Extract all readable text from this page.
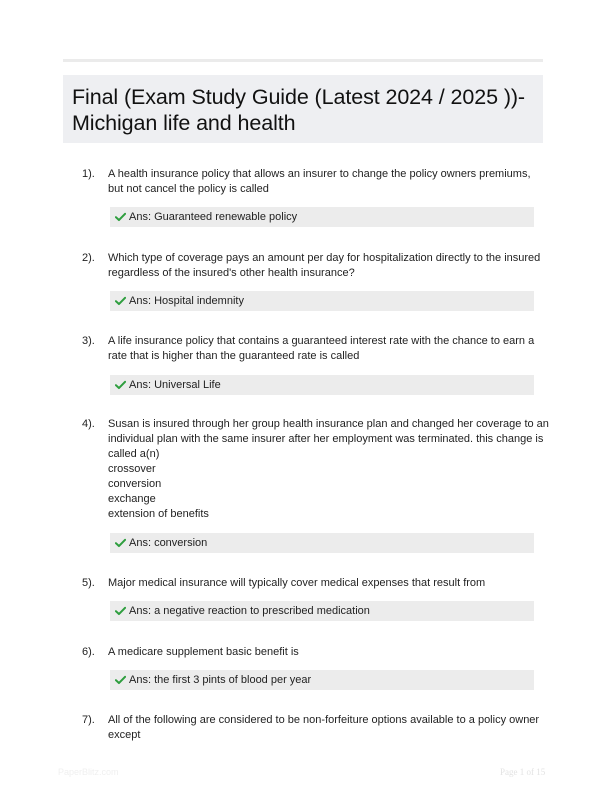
Final (Exam Study Guide (Latest 2024 / 2025 ))-
Michigan life and health
1). A health insurance policy that allows an insurer to change the policy owners premiums,
but not cancel the policy is called
Ans: Guaranteed renewable policy
2). Which type of coverage pays an amount per day for hospitalization directly to the insured
regardless of the insured's other health insurance?
Ans: Hospital indemnity
3). A life insurance policy that contains a guaranteed interest rate with the chance to earn a
rate that is higher than the guaranteed rate is called
Ans: Universal Life
4). Susan is insured through her group health insurance plan and changed her coverage to an
individual plan with the same insurer after her employment was terminated. this change is
called a(n)
crossover
conversion
exchange
extension of benefits
Ans: conversion
5). Major medical insurance will typically cover medical expenses that result from
Ans: a negative reaction to prescribed medication
6). A medicare supplement basic benefit is
Ans: the first 3 pints of blood per year
7). All of the following are considered to be non-forfeiture options available to a policy owner
except
PaperBlitz.com	Page 1 of 15
